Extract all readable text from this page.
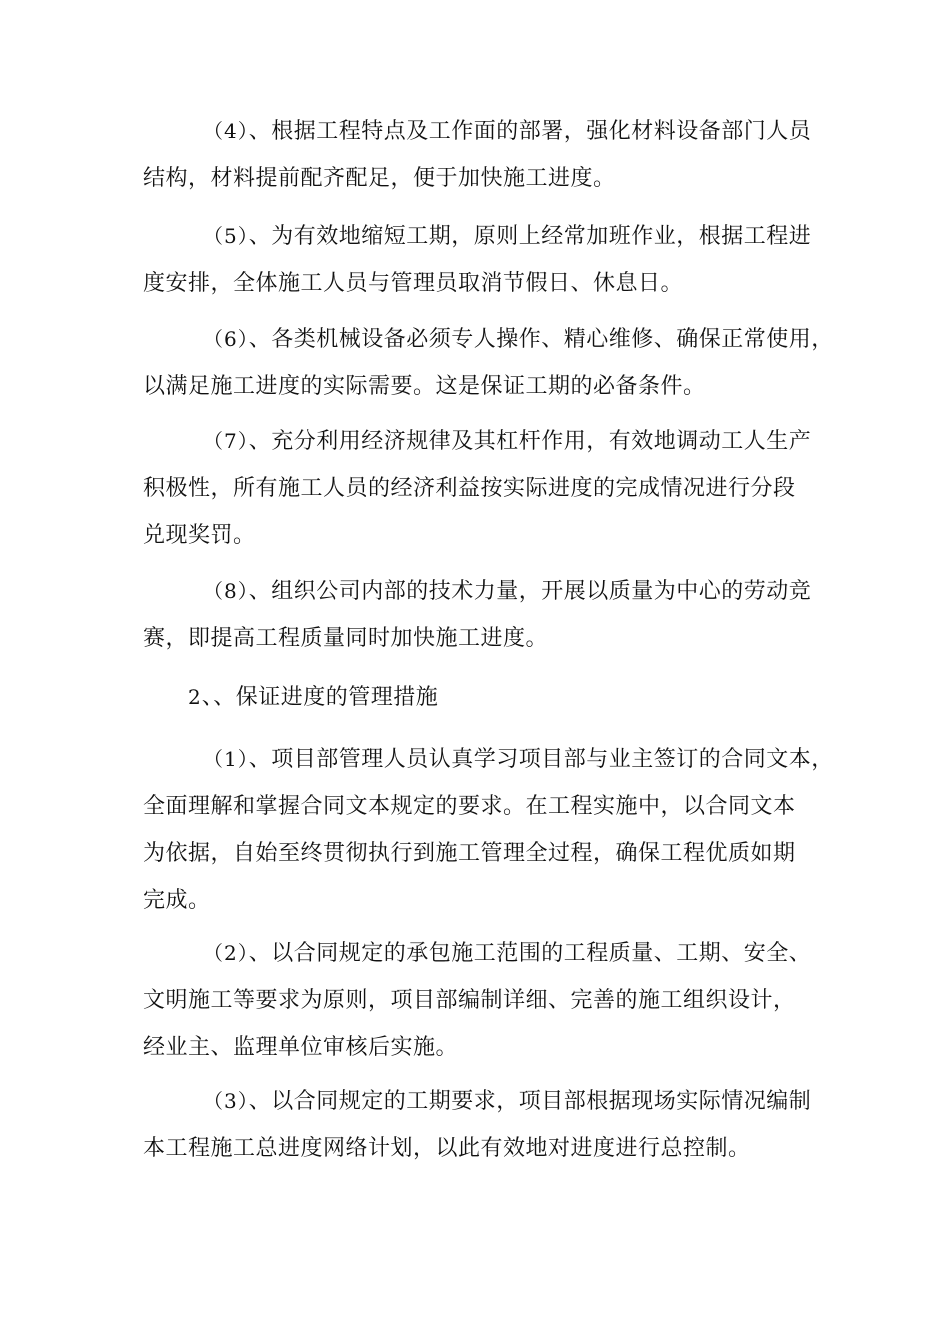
（4）、根据工程特点及工作面的部署，强化材料设备部门人员
结构，材料提前配齐配足，便于加快施工进度。

（5）、为有效地缩短工期，原则上经常加班作业，根据工程进
度安排，全体施工人员与管理员取消节假日、休息日。

（6）、各类机械设备必须专人操作、精心维修、确保正常使用，
以满足施工进度的实际需要。这是保证工期的必备条件。

（7）、充分利用经济规律及其杠杆作用，有效地调动工人生产
积极性，所有施工人员的经济利益按实际进度的完成情况进行分段
兑现奖罚。

（8）、组织公司内部的技术力量，开展以质量为中心的劳动竞
赛，即提高工程质量同时加快施工进度。

2、、保证进度的管理措施

（1）、项目部管理人员认真学习项目部与业主签订的合同文本，
全面理解和掌握合同文本规定的要求。在工程实施中，以合同文本
为依据，自始至终贯彻执行到施工管理全过程，确保工程优质如期
完成。

（2）、以合同规定的承包施工范围的工程质量、工期、安全、
文明施工等要求为原则，项目部编制详细、完善的施工组织设计，
经业主、监理单位审核后实施。

（3）、以合同规定的工期要求，项目部根据现场实际情况编制
本工程施工总进度网络计划，以此有效地对进度进行总控制。
